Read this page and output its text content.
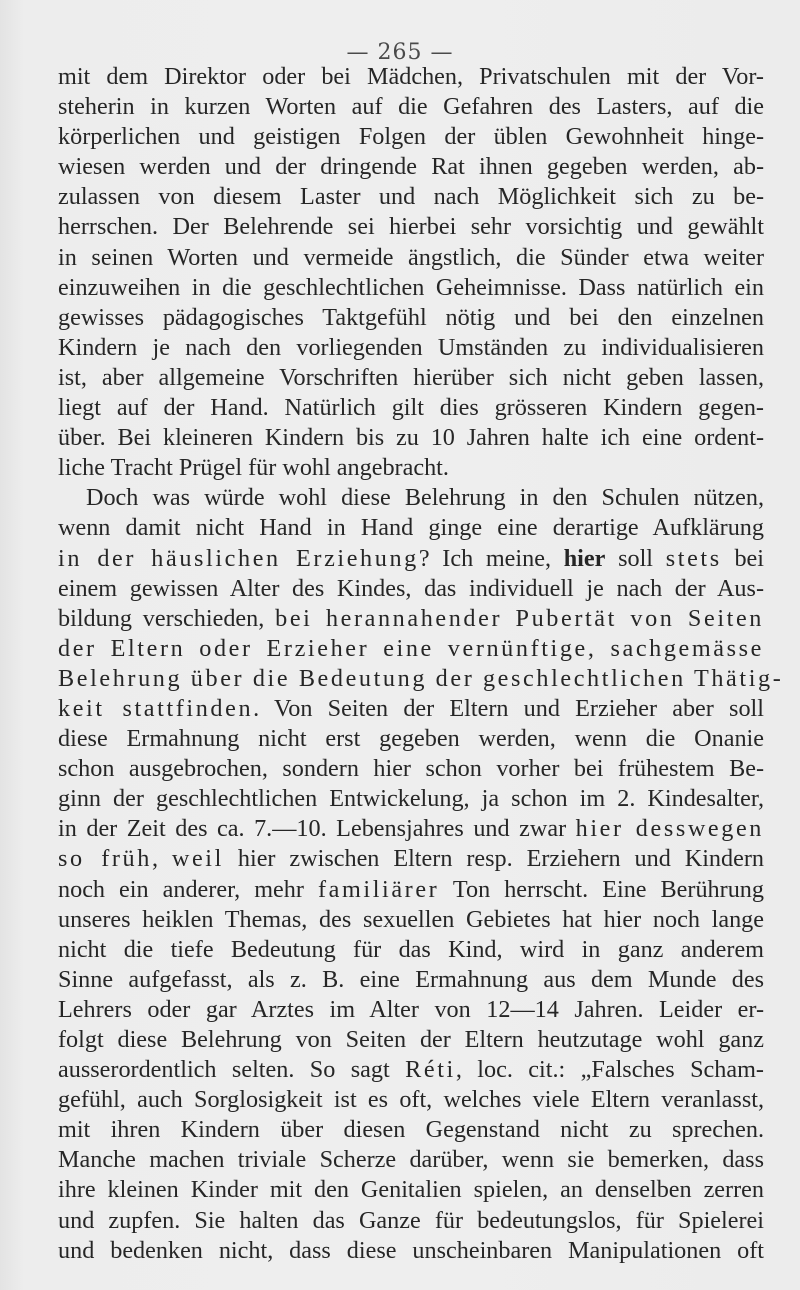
— 265 —
mit dem Direktor oder bei Mädchen, Privatschulen mit der Vor-
steherin in kurzen Worten auf die Gefahren des Lasters, auf die
körperlichen und geistigen Folgen der üblen Gewohnheit hinge-
wiesen werden und der dringende Rat ihnen gegeben werden, ab-
zulassen von diesem Laster und nach Möglichkeit sich zu be-
herrschen. Der Belehrende sei hierbei sehr vorsichtig und gewählt
in seinen Worten und vermeide ängstlich, die Sünder etwa weiter
einzuweihen in die geschlechtlichen Geheimnisse. Dass natürlich ein
gewisses pädagogisches Taktgefühl nötig und bei den einzelnen
Kindern je nach den vorliegenden Umständen zu individualisieren
ist, aber allgemeine Vorschriften hierüber sich nicht geben lassen,
liegt auf der Hand. Natürlich gilt dies grösseren Kindern gegen-
über. Bei kleineren Kindern bis zu 10 Jahren halte ich eine ordent-
liche Tracht Prügel für wohl angebracht.
Doch was würde wohl diese Belehrung in den Schulen nützen,
wenn damit nicht Hand in Hand ginge eine derartige Aufklärung
in der häuslichen Erziehung? Ich meine, hier soll stets bei
einem gewissen Alter des Kindes, das individuell je nach der Aus-
bildung verschieden, bei herannahender Pubertät von Seiten
der Eltern oder Erzieher eine vernünftige, sachgemässe
Belehrung über die Bedeutung der geschlechtlichen Thätig-
keit stattfinden. Von Seiten der Eltern und Erzieher aber soll
diese Ermahnung nicht erst gegeben werden, wenn die Onanie
schon ausgebrochen, sondern hier schon vorher bei frühestem Be-
ginn der geschlechtlichen Entwickelung, ja schon im 2. Kindesalter,
in der Zeit des ca. 7.—10. Lebensjahres und zwar hier desswegen
so früh, weil hier zwischen Eltern resp. Erziehern und Kindern
noch ein anderer, mehr familiärer Ton herrscht. Eine Berührung
unseres heiklen Themas, des sexuellen Gebietes hat hier noch lange
nicht die tiefe Bedeutung für das Kind, wird in ganz anderem
Sinne aufgefasst, als z. B. eine Ermahnung aus dem Munde des
Lehrers oder gar Arztes im Alter von 12—14 Jahren. Leider er-
folgt diese Belehrung von Seiten der Eltern heutzutage wohl ganz
ausserordentlich selten. So sagt Réti, loc. cit.: „Falsches Scham-
gefühl, auch Sorglosigkeit ist es oft, welches viele Eltern veranlasst,
mit ihren Kindern über diesen Gegenstand nicht zu sprechen.
Manche machen triviale Scherze darüber, wenn sie bemerken, dass
ihre kleinen Kinder mit den Genitalien spielen, an denselben zerren
und zupfen. Sie halten das Ganze für bedeutungslos, für Spielerei
und bedenken nicht, dass diese unscheinbaren Manipulationen oft
